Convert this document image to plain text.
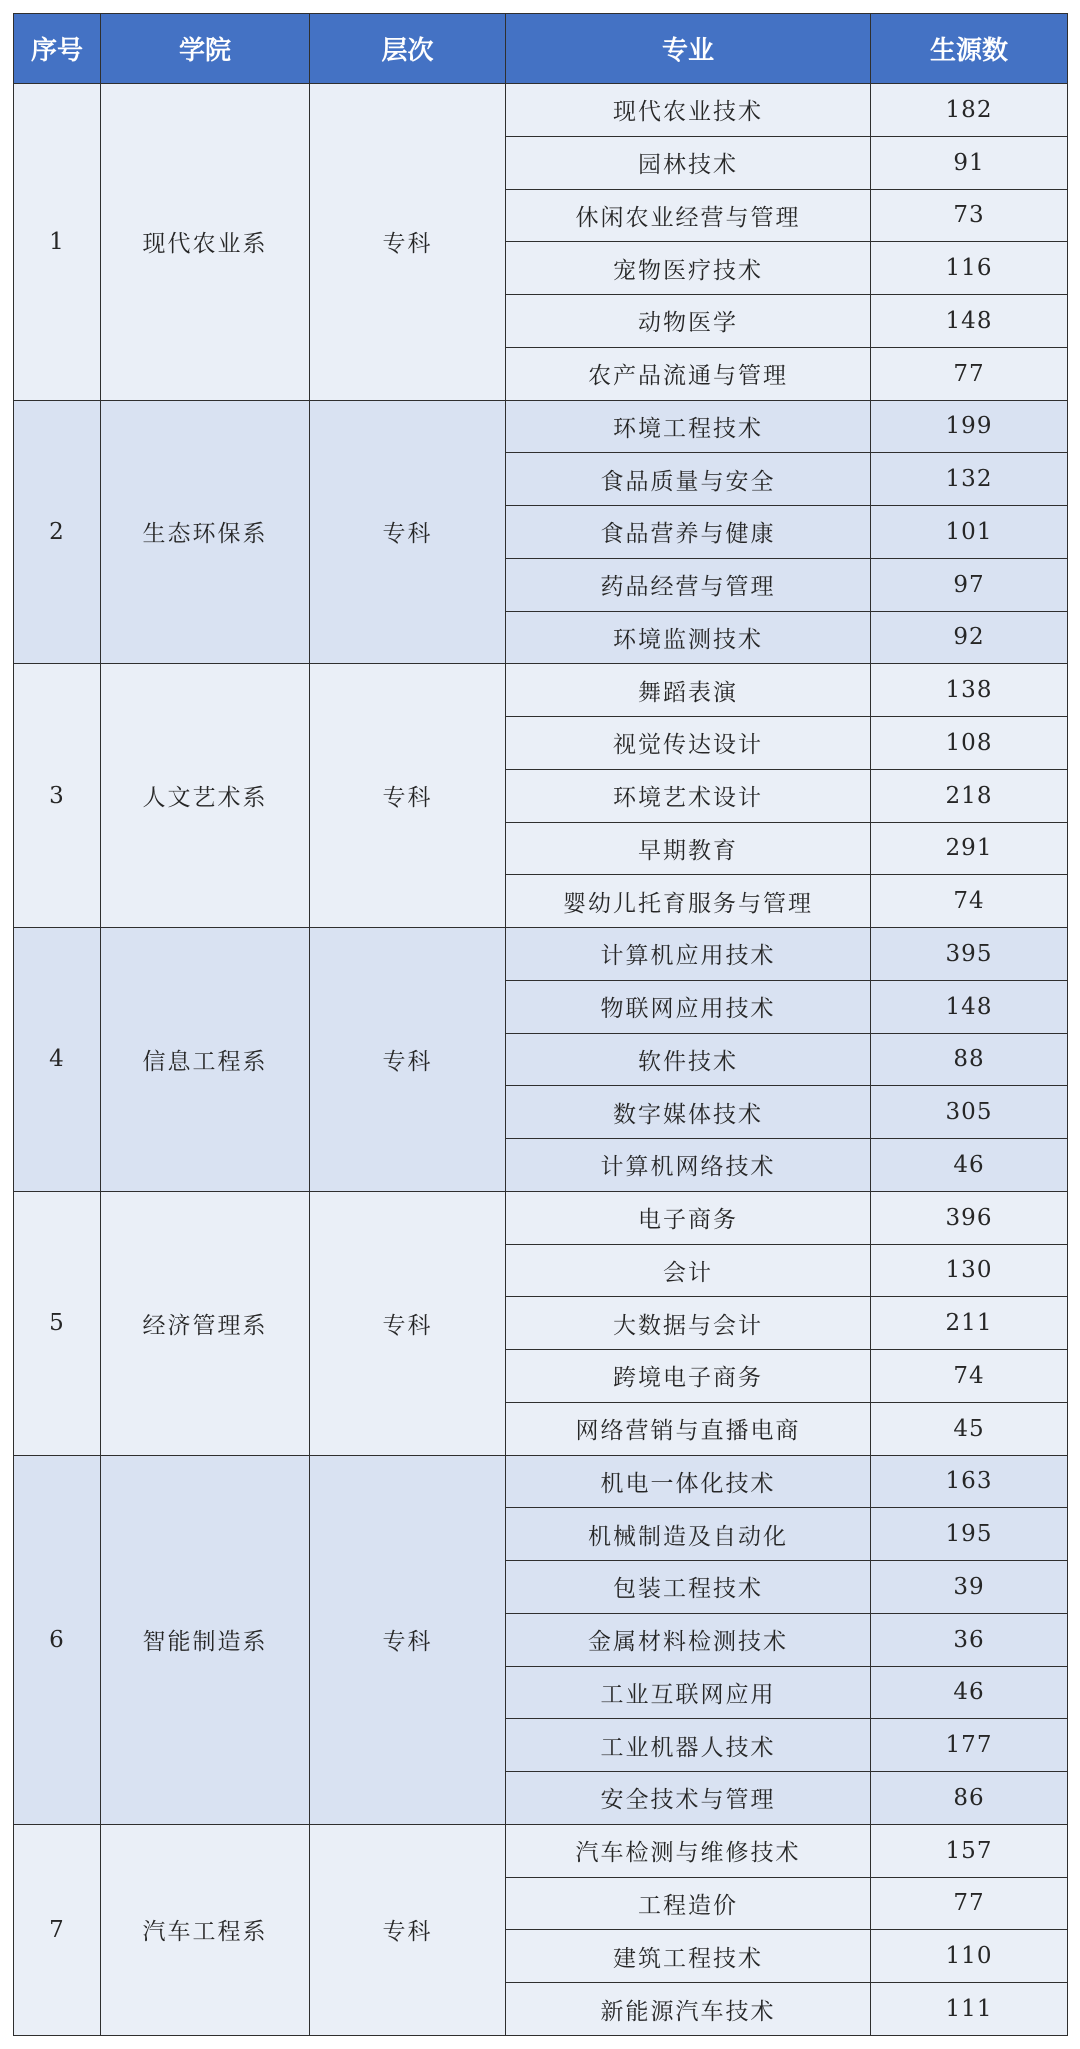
序号	学院	层次	专业	生源数
1	现代农业系	专科	现代农业技术	182
			园林技术	91
			休闲农业经营与管理	73
			宠物医疗技术	116
			动物医学	148
			农产品流通与管理	77
2	生态环保系	专科	环境工程技术	199
			食品质量与安全	132
			食品营养与健康	101
			药品经营与管理	97
			环境监测技术	92
3	人文艺术系	专科	舞蹈表演	138
			视觉传达设计	108
			环境艺术设计	218
			早期教育	291
			婴幼儿托育服务与管理	74
4	信息工程系	专科	计算机应用技术	395
			物联网应用技术	148
			软件技术	88
			数字媒体技术	305
			计算机网络技术	46
5	经济管理系	专科	电子商务	396
			会计	130
			大数据与会计	211
			跨境电子商务	74
			网络营销与直播电商	45
6	智能制造系	专科	机电一体化技术	163
			机械制造及自动化	195
			包装工程技术	39
			金属材料检测技术	36
			工业互联网应用	46
			工业机器人技术	177
			安全技术与管理	86
7	汽车工程系	专科	汽车检测与维修技术	157
			工程造价	77
			建筑工程技术	110
			新能源汽车技术	111
